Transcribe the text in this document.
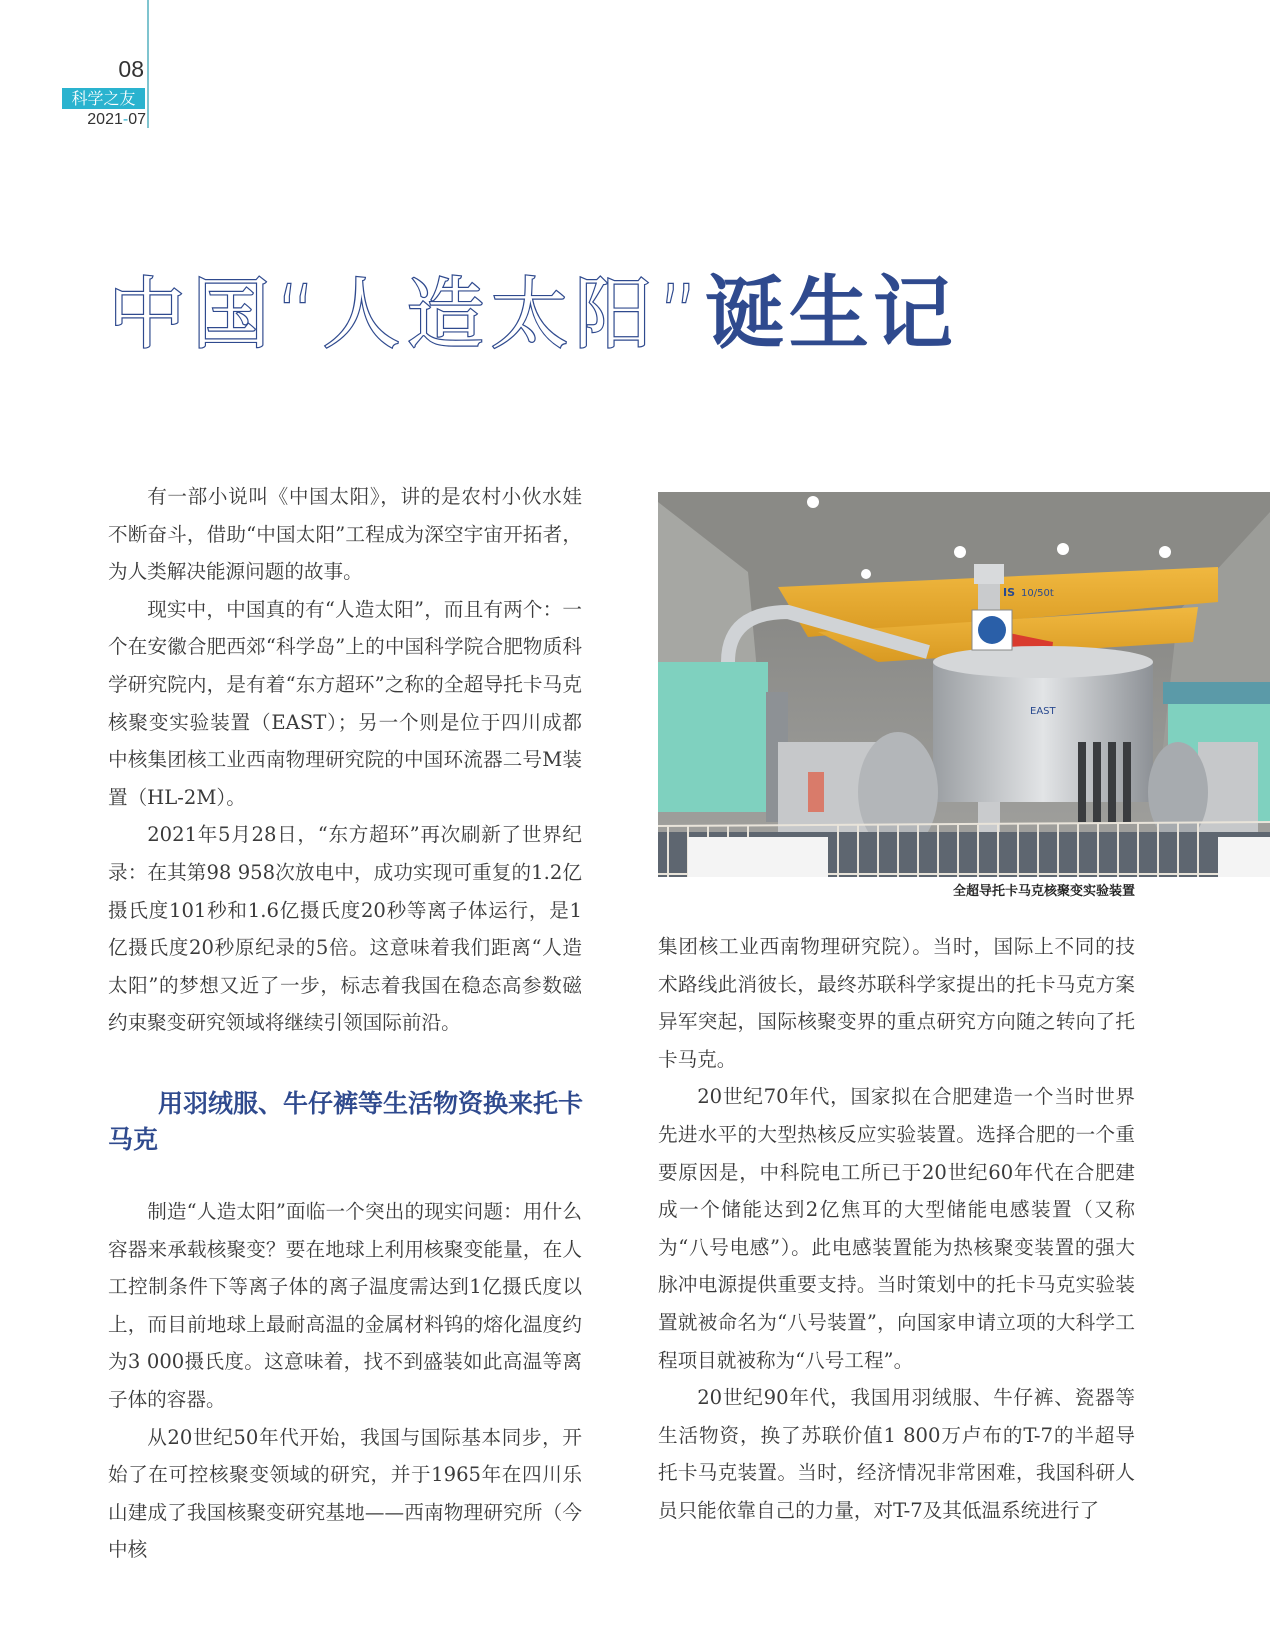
08
科学之友
2021-07
中国“人造太阳”诞生记

有一部小说叫《中国太阳》，讲的是农村小伙水娃不断奋斗，借助“中国太阳”工程成为深空宇宙开拓者，为人类解决能源问题的故事。

现实中，中国真的有“人造太阳”，而且有两个：一个在安徽合肥西郊“科学岛”上的中国科学院合肥物质科学研究院内，是有着“东方超环”之称的全超导托卡马克核聚变实验装置（EAST）；另一个则是位于四川成都中核集团核工业西南物理研究院的中国环流器二号M装置（HL-2M）。

2021年5月28日，“东方超环”再次刷新了世界纪录：在其第98 958次放电中，成功实现可重复的1.2亿摄氏度101秒和1.6亿摄氏度20秒等离子体运行，是1亿摄氏度20秒原纪录的5倍。这意味着我们距离“人造太阳”的梦想又近了一步，标志着我国在稳态高参数磁约束聚变研究领域将继续引领国际前沿。

用羽绒服、牛仔裤等生活物资换来托卡马克

制造“人造太阳”面临一个突出的现实问题：用什么容器来承载核聚变？要在地球上利用核聚变能量，在人工控制条件下等离子体的离子温度需达到1亿摄氏度以上，而目前地球上最耐高温的金属材料钨的熔化温度约为3 000摄氏度。这意味着，找不到盛装如此高温等离子体的容器。

从20世纪50年代开始，我国与国际基本同步，开始了在可控核聚变领域的研究，并于1965年在四川乐山建成了我国核聚变研究基地——西南物理研究所（今中核

IS 10/50t
EAST
全超导托卡马克核聚变实验装置

集团核工业西南物理研究院）。当时，国际上不同的技术路线此消彼长，最终苏联科学家提出的托卡马克方案异军突起，国际核聚变界的重点研究方向随之转向了托卡马克。

20世纪70年代，国家拟在合肥建造一个当时世界先进水平的大型热核反应实验装置。选择合肥的一个重要原因是，中科院电工所已于20世纪60年代在合肥建成一个储能达到2亿焦耳的大型储能电感装置（又称为“八号电感”）。此电感装置能为热核聚变装置的强大脉冲电源提供重要支持。当时策划中的托卡马克实验装置就被命名为“八号装置”，向国家申请立项的大科学工程项目就被称为“八号工程”。

20世纪90年代，我国用羽绒服、牛仔裤、瓷器等生活物资，换了苏联价值1 800万卢布的T-7的半超导托卡马克装置。当时，经济情况非常困难，我国科研人员只能依靠自己的力量，对T-7及其低温系统进行了
